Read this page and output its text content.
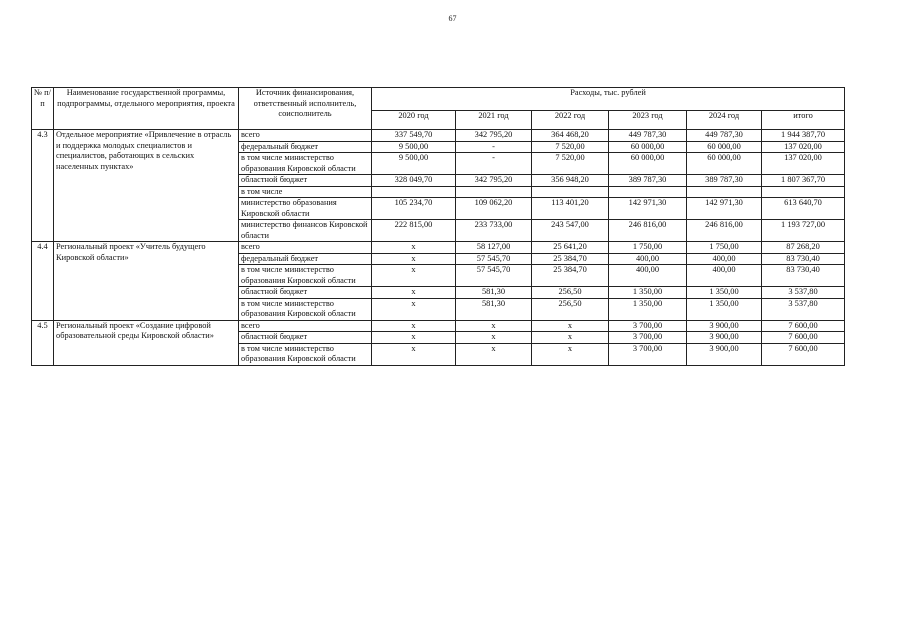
67
№ п/п	Наименование государственной программы, подпрограммы, отдельного мероприятия, проекта	Источник финансирования, ответственный исполнитель, соисполнитель	Расходы, тыс. рублей					
			2020 год	2021 год	2022 год	2023 год	2024 год	итого
4.3	Отдельное мероприятие «Привлечение в отрасль и поддержка молодых специалистов и специалистов, работающих в сельских населенных пунктах»	всего	337 549,70	342 795,20	364 468,20	449 787,30	449 787,30	1 944 387,70
		федеральный бюджет	9 500,00	-	7 520,00	60 000,00	60 000,00	137 020,00
		в том числе министерство образования Кировской области	9 500,00	-	7 520,00	60 000,00	60 000,00	137 020,00
		областной бюджет	328 049,70	342 795,20	356 948,20	389 787,30	389 787,30	1 807 367,70
		в том числе						
		министерство образования Кировской области	105 234,70	109 062,20	113 401,20	142 971,30	142 971,30	613 640,70
		министерство финансов Кировской области	222 815,00	233 733,00	243 547,00	246 816,00	246 816,00	1 193 727,00
4.4	Региональный проект «Учитель будущего Кировской области»	всего	x	58 127,00	25 641,20	1 750,00	1 750,00	87 268,20
		федеральный бюджет	x	57 545,70	25 384,70	400,00	400,00	83 730,40
		в том числе министерство образования Кировской области	x	57 545,70	25 384,70	400,00	400,00	83 730,40
		областной бюджет	x	581,30	256,50	1 350,00	1 350,00	3 537,80
		в том числе министерство образования Кировской области	x	581,30	256,50	1 350,00	1 350,00	3 537,80
4.5	Региональный проект «Создание цифровой образовательной среды Кировской области»	всего	x	x	x	3 700,00	3 900,00	7 600,00
		областной бюджет	x	x	x	3 700,00	3 900,00	7 600,00
		в том числе министерство образования Кировской области	x	x	x	3 700,00	3 900,00	7 600,00
